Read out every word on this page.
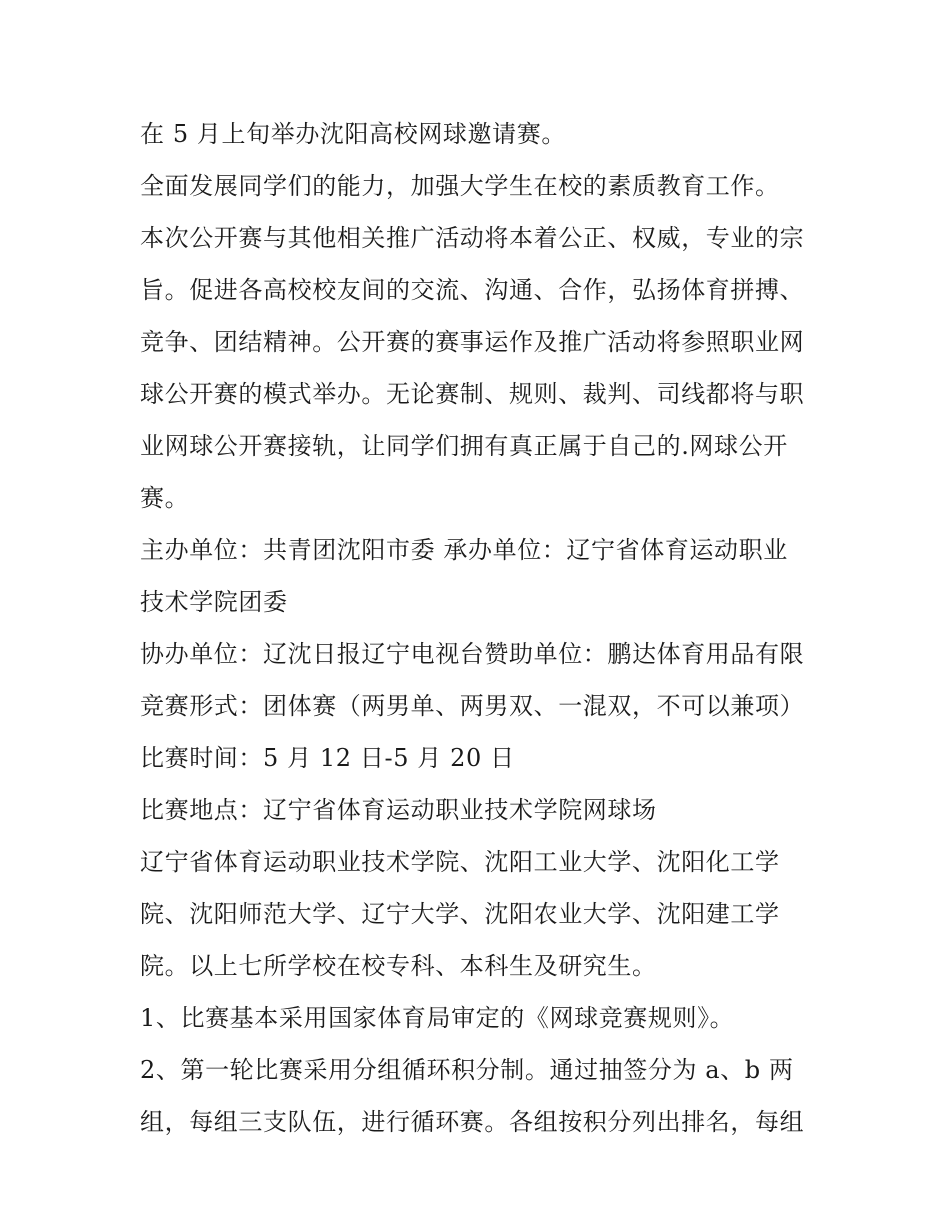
在 5 月上旬举办沈阳高校网球邀请赛。
全面发展同学们的能力，加强大学生在校的素质教育工作。
本次公开赛与其他相关推广活动将本着公正、权威，专业的宗
旨。促进各高校校友间的交流、沟通、合作，弘扬体育拼搏、
竞争、团结精神。公开赛的赛事运作及推广活动将参照职业网
球公开赛的模式举办。无论赛制、规则、裁判、司线都将与职
业网球公开赛接轨，让同学们拥有真正属于自己的.网球公开
赛。
主办单位：共青团沈阳市委 承办单位：辽宁省体育运动职业
技术学院团委
协办单位：辽沈日报辽宁电视台赞助单位：鹏达体育用品有限
竞赛形式：团体赛（两男单、两男双、一混双，不可以兼项）
比赛时间：5 月 12 日-5 月 20 日
比赛地点：辽宁省体育运动职业技术学院网球场
辽宁省体育运动职业技术学院、沈阳工业大学、沈阳化工学
院、沈阳师范大学、辽宁大学、沈阳农业大学、沈阳建工学
院。以上七所学校在校专科、本科生及研究生。
1、比赛基本采用国家体育局审定的《网球竞赛规则》。
2、第一轮比赛采用分组循环积分制。通过抽签分为 a、b 两
组，每组三支队伍，进行循环赛。各组按积分列出排名，每组
